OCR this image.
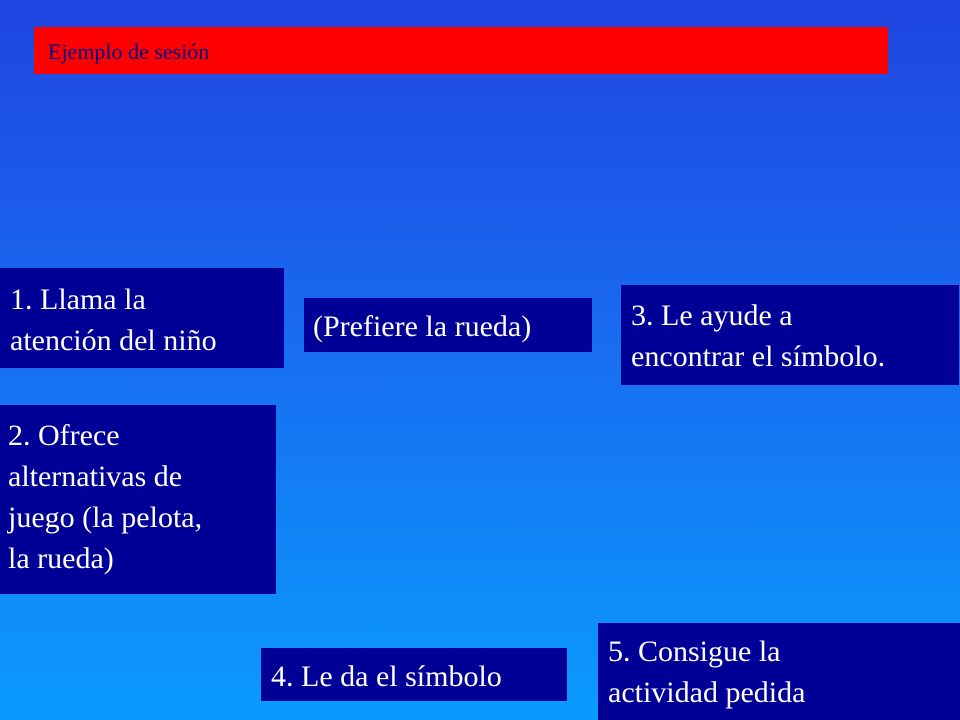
Ejemplo de sesión
1. Llama la
atención del niño	(Prefiere la rueda)	3. Le ayude a
encontrar el símbolo.
2. Ofrece
alternativas de
juego (la pelota,
la rueda)
4. Le da el símbolo
5. Consigue la
actividad pedida
